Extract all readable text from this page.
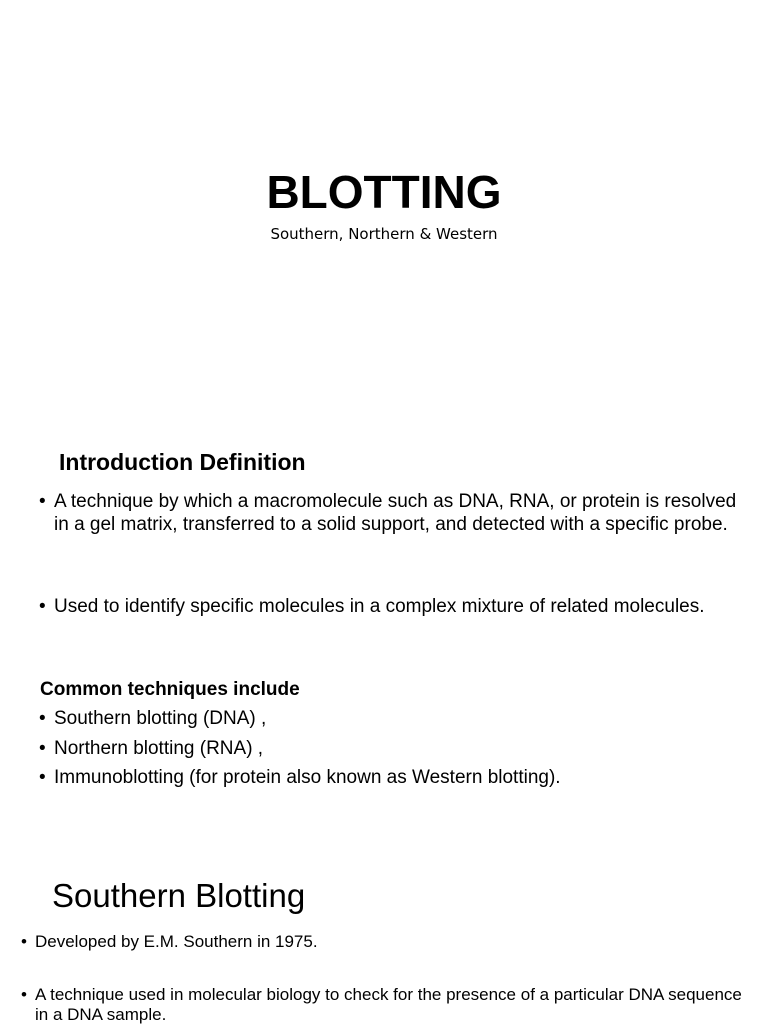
BLOTTING
Southern, Northern & Western
Introduction Definition
• A technique by which a macromolecule such as DNA, RNA, or protein is resolved in a gel matrix, transferred to a solid support, and detected with a specific probe.
• Used to identify specific molecules in a complex mixture of related molecules.
Common techniques include
• Southern blotting (DNA) ,
• Northern blotting (RNA) ,
• Immunoblotting (for protein also known as Western blotting).
Southern Blotting
• Developed by E.M. Southern in 1975.
• A technique used in molecular biology to check for the presence of a particular DNA sequence in a DNA sample.
